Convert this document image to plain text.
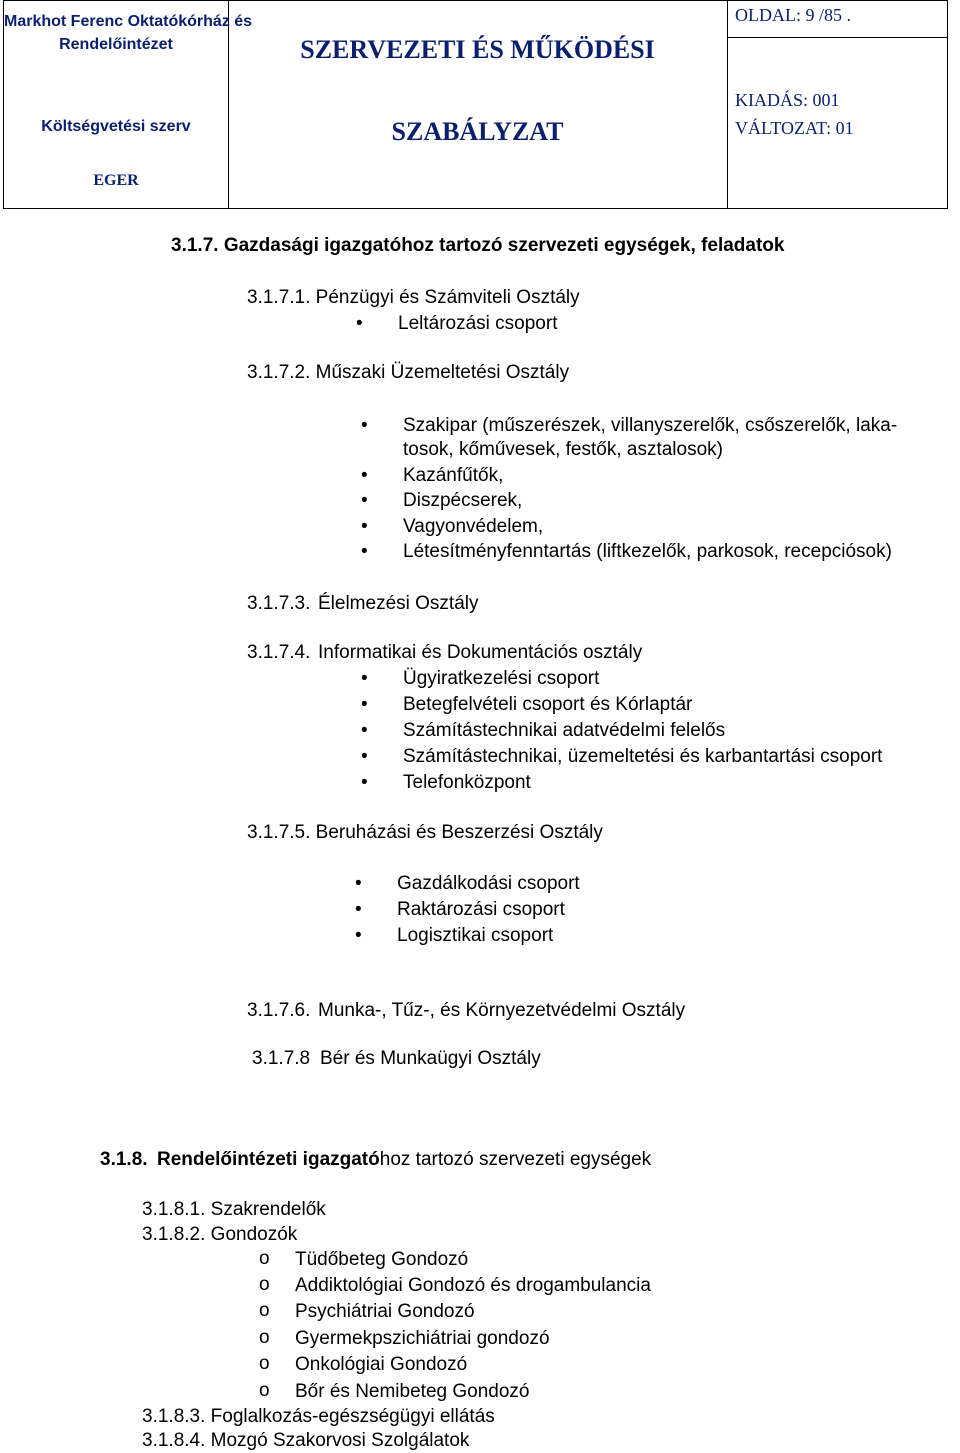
Markhot Ferenc Oktatókórház és
Rendelőintézet
Költségvetési szerv
EGER
SZERVEZETI ÉS MŰKÖDÉSI
SZABÁLYZAT
OLDAL: 9 /85 .
KIADÁS: 001
VÁLTOZAT: 01
3.1.7. Gazdasági igazgatóhoz tartozó szervezeti egységek, feladatok
3.1.7.1. Pénzügyi és Számviteli Osztály
• Leltározási csoport
3.1.7.2. Műszaki Üzemeltetési Osztály
• Szakipar (műszerészek, villanyszerelők, csőszerelők, laka-
tosok, kőművesek, festők, asztalosok)
• Kazánfűtők,
• Diszpécserek,
• Vagyonvédelem,
• Létesítményfenntartás (liftkezelők, parkosok, recepciósok)
3.1.7.3. Élelmezési Osztály
3.1.7.4. Informatikai és Dokumentációs osztály
• Ügyiratkezelési csoport
• Betegfelvételi csoport és Kórlaptár
• Számítástechnikai adatvédelmi felelős
• Számítástechnikai, üzemeltetési és karbantartási csoport
• Telefonközpont
3.1.7.5. Beruházási és Beszerzési Osztály
• Gazdálkodási csoport
• Raktározási csoport
• Logisztikai csoport
3.1.7.6. Munka-, Tűz-, és Környezetvédelmi Osztály
3.1.7.8 Bér és Munkaügyi Osztály
3.1.8. Rendelőintézeti igazgatóhoz tartozó szervezeti egységek
3.1.8.1. Szakrendelők
3.1.8.2. Gondozók
o Tüdőbeteg Gondozó
o Addiktológiai Gondozó és drogambulancia
o Psychiátriai Gondozó
o Gyermekpszichiátriai gondozó
o Onkológiai Gondozó
o Bőr és Nemibeteg Gondozó
3.1.8.3. Foglalkozás-egészségügyi ellátás
3.1.8.4. Mozgó Szakorvosi Szolgálatok
